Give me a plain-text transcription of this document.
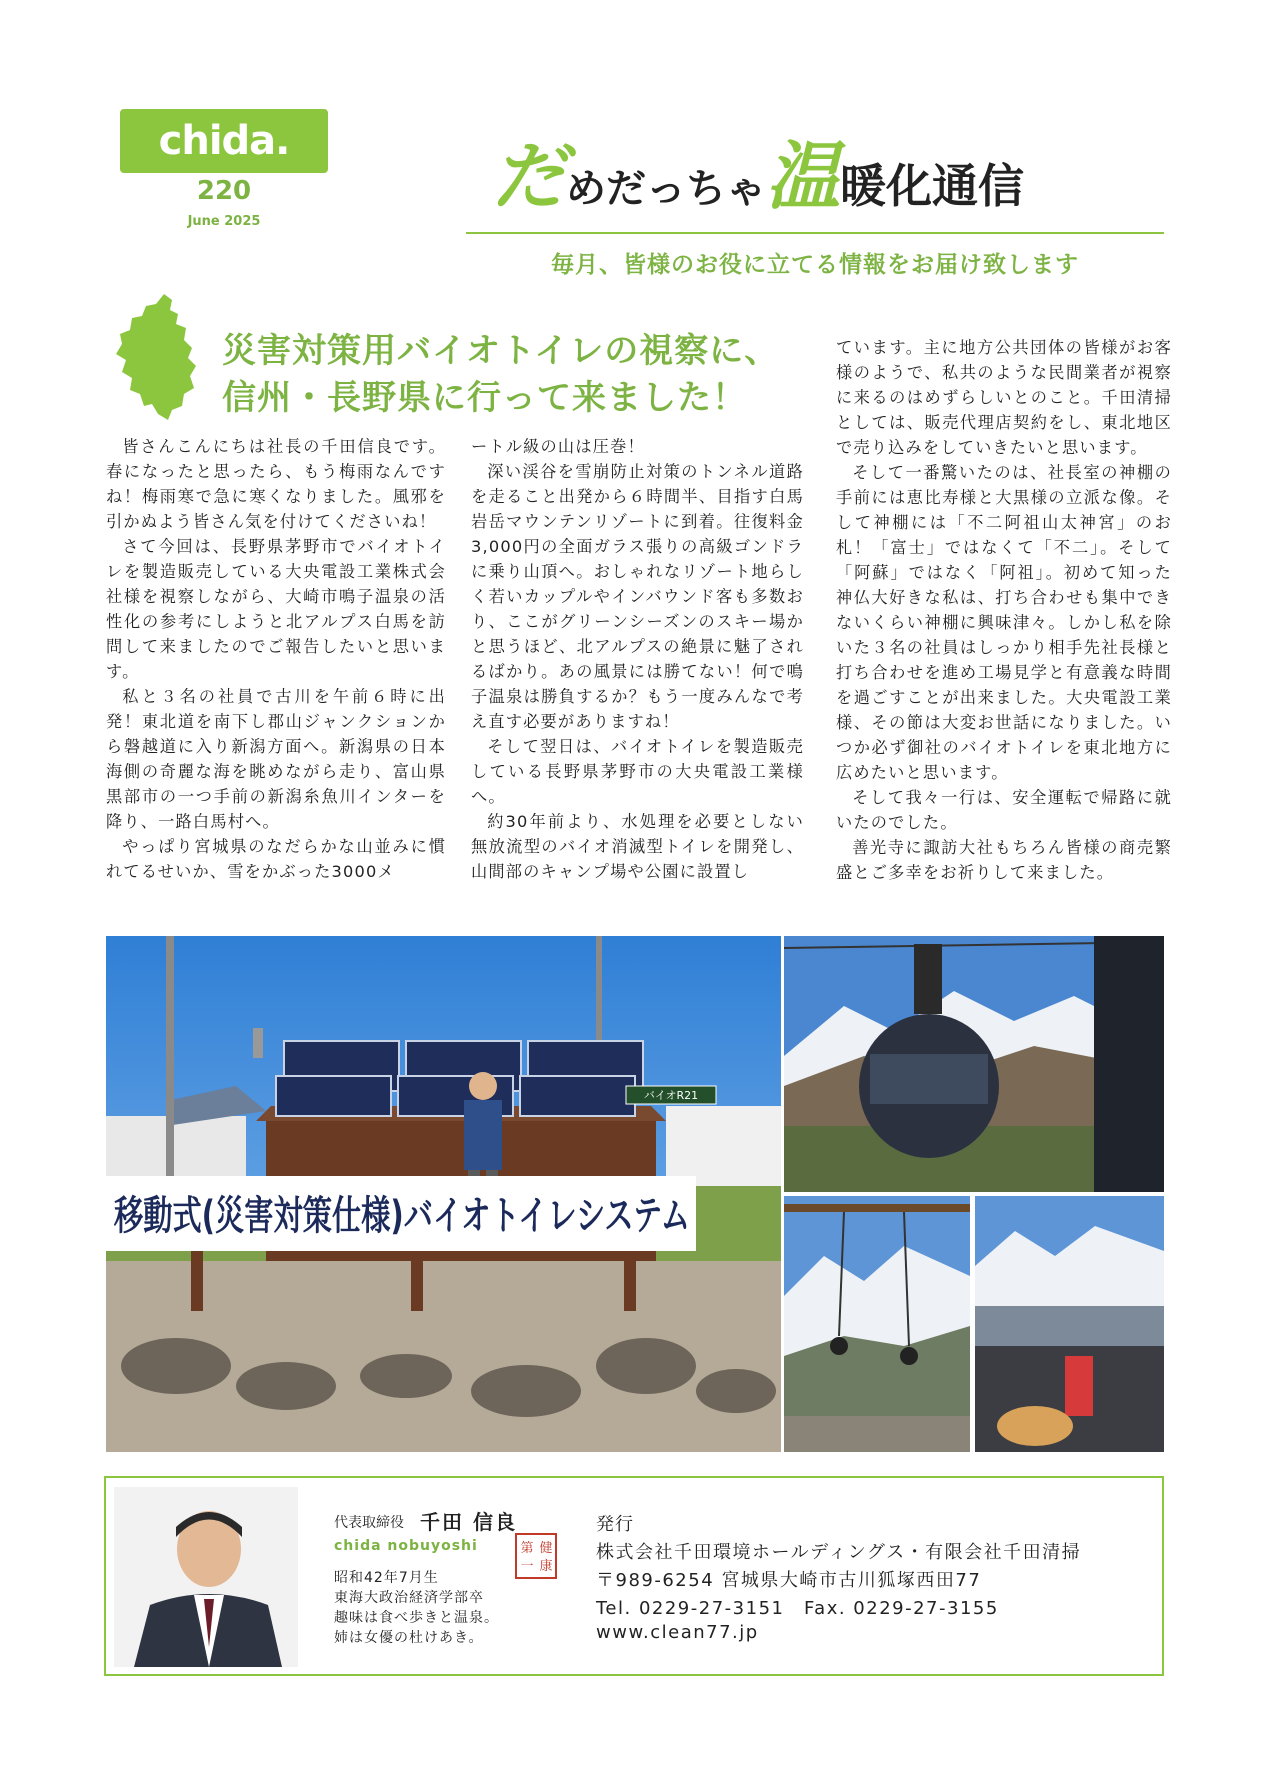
chida.
220
June 2025
だめだっちゃ温暖化通信
毎月、皆様のお役に立てる情報をお届け致します
災害対策用バイオトイレの視察に、
信州・長野県に行って来ました！

皆さんこんにちは社長の千田信良です。春になったと思ったら、もう梅雨なんですね！梅雨寒で急に寒くなりました。風邪を引かぬよう皆さん気を付けてくださいね！

さて今回は、長野県茅野市でバイオトイレを製造販売している大央電設工業株式会社様を視察しながら、大崎市鳴子温泉の活性化の参考にしようと北アルプス白馬を訪問して来ましたのでご報告したいと思います。

私と３名の社員で古川を午前６時に出発！東北道を南下し郡山ジャンクションから磐越道に入り新潟方面へ。新潟県の日本海側の奇麗な海を眺めながら走り、富山県黒部市の一つ手前の新潟糸魚川インターを降り、一路白馬村へ。

やっぱり宮城県のなだらかな山並みに慣れてるせいか、雪をかぶった3000メ

ートル級の山は圧巻！

深い渓谷を雪崩防止対策のトンネル道路を走ること出発から６時間半、目指す白馬岩岳マウンテンリゾートに到着。往復料金3,000円の全面ガラス張りの高級ゴンドラに乗り山頂へ。おしゃれなリゾート地らしく若いカップルやインバウンド客も多数おり、ここがグリーンシーズンのスキー場かと思うほど、北アルプスの絶景に魅了されるばかり。あの風景には勝てない！何で鳴子温泉は勝負するか？もう一度みんなで考え直す必要がありますね！

そして翌日は、バイオトイレを製造販売している長野県茅野市の大央電設工業様へ。

約30年前より、水処理を必要としない無放流型のバイオ消滅型トイレを開発し、山間部のキャンプ場や公園に設置し

ています。主に地方公共団体の皆様がお客様のようで、私共のような民間業者が視察に来るのはめずらしいとのこと。千田清掃としては、販売代理店契約をし、東北地区で売り込みをしていきたいと思います。

そして一番驚いたのは、社長室の神棚の手前には恵比寿様と大黒様の立派な像。そして神棚には「不二阿祖山太神宮」のお札！「富士」ではなくて「不二」。そして「阿蘇」ではなく「阿祖」。初めて知った神仏大好きな私は、打ち合わせも集中できないくらい神棚に興味津々。しかし私を除いた３名の社員はしっかり相手先社長様と打ち合わせを進め工場見学と有意義な時間を過ごすことが出来ました。大央電設工業様、その節は大変お世話になりました。いつか必ず御社のバイオトイレを東北地方に広めたいと思います。

そして我々一行は、安全運転で帰路に就いたのでした。

善光寺に諏訪大社もちろん皆様の商売繁盛とご多幸をお祈りして来ました。

バイオR21
移動式(災害対策仕様)バイオトイレシステム
代表取締役 千田 信良
chida nobuyoshi
昭和42年7月生
東海大政治経済学部卒
趣味は食べ歩きと温泉。
姉は女優の杜けあき。
健
康
第
一
発行
株式会社千田環境ホールディングス・有限会社千田清掃
〒989-6254 宮城県大崎市古川狐塚西田77
Tel. 0229-27-3151　Fax. 0229-27-3155
www.clean77.jp
